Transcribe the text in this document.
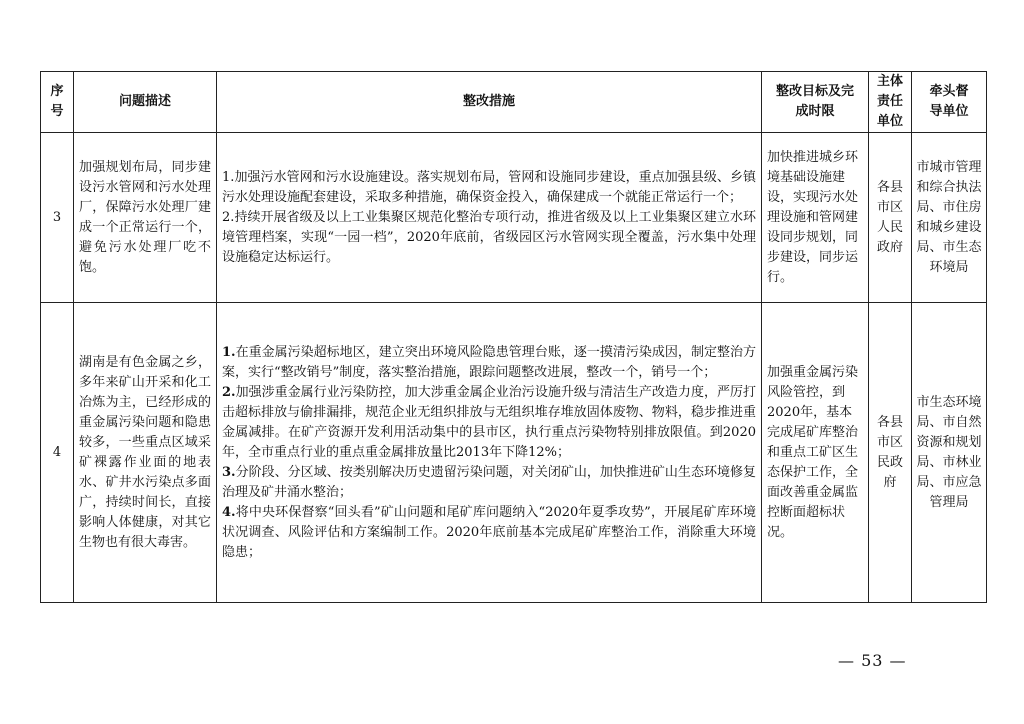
序号	问题描述	整改措施	整改目标及完成时限	主体责任单位	牵头督导单位
3	加强规划布局，同步建设污水管网和污水处理厂，保障污水处理厂建成一个正常运行一个，避免污水处理厂吃不饱。	1.加强污水管网和污水设施建设。落实规划布局，管网和设施同步建设，重点加强县级、乡镇污水处理设施配套建设，采取多种措施，确保资金投入，确保建成一个就能正常运行一个；

2.持续开展省级及以上工业集聚区规范化整治专项行动，推进省级及以上工业集聚区建立水环境管理档案，实现“一园一档”，2020年底前，省级园区污水管网实现全覆盖，污水集中处理设施稳定达标运行。	加快推进城乡环境基础设施建设，实现污水处理设施和管网建设同步规划，同步建设，同步运行。	各县市区人民政府	市城市管理和综合执法局、市住房和城乡建设局、市生态环境局
4	湖南是有色金属之乡，多年来矿山开采和化工冶炼为主，已经形成的重金属污染问题和隐患较多，一些重点区域采矿裸露作业面的地表水、矿井水污染点多面广，持续时间长，直接影响人体健康，对其它生物也有很大毒害。	1.在重金属污染超标地区，建立突出环境风险隐患管理台账，逐一摸清污染成因，制定整治方案，实行“整改销号”制度，落实整治措施，跟踪问题整改进展，整改一个，销号一个；

2.加强涉重金属行业污染防控，加大涉重金属企业治污设施升级与清洁生产改造力度，严厉打击超标排放与偷排漏排，规范企业无组织排放与无组织堆存堆放固体废物、物料，稳步推进重金属减排。在矿产资源开发利用活动集中的县市区，执行重点污染物特别排放限值。到2020年，全市重点行业的重点重金属排放量比2013年下降12%；

3.分阶段、分区域、按类别解决历史遗留污染问题，对关闭矿山，加快推进矿山生态环境修复治理及矿井涌水整治；

4.将中央环保督察“回头看”矿山问题和尾矿库问题纳入“2020年夏季攻势”，开展尾矿库环境状况调查、风险评估和方案编制工作。2020年底前基本完成尾矿库整治工作，消除重大环境隐患；	加强重金属污染风险管控，到2020年，基本完成尾矿库整治和重点工矿区生态保护工作，全面改善重金属监控断面超标状况。	各县市区民政府	市生态环境局、市自然资源和规划局、市林业局、市应急管理局
— 53 —
